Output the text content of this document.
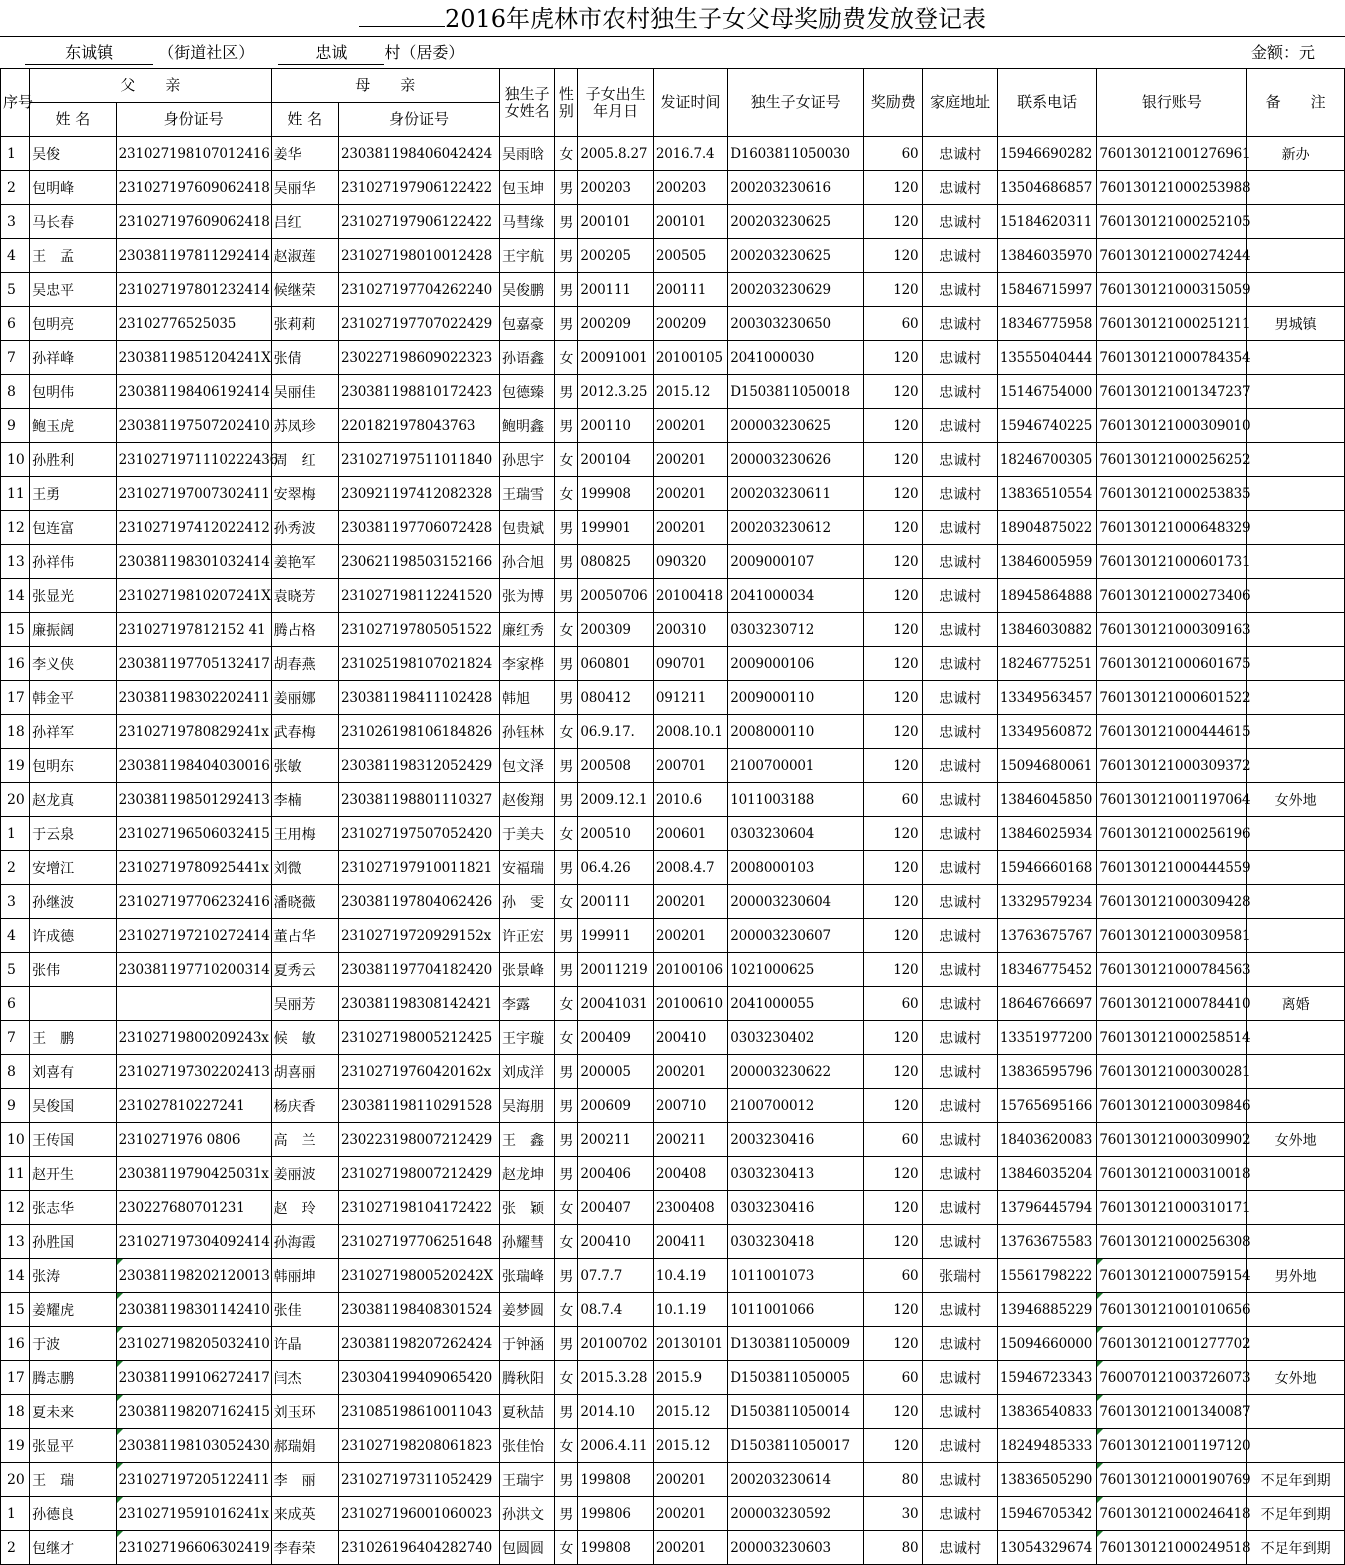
2016年虎林市农村独生子女父母奖励费发放登记表
东诚镇	（街道社区）	忠诚 村（居委）	金额：元
序号	父　　亲		母　　亲		独生子女姓名	性别	子女出生年月日	发证时间	独生子女证号	奖励费	家庭地址	联系电话	银行账号	备　　注
	姓 名	身份证号	姓 名	身份证号										
1	吴俊	231027198107012416	姜华	230381198406042424	吴雨晗	女	2005.8.27	2016.7.4	D1603811050030	60	忠诚村	15946690282	760130121001276961	新办
2	包明峰	231027197609062418	吴丽华	231027197906122422	包玉坤	男	200203	200203	200203230616	120	忠诚村	13504686857	760130121000253988	
3	马长春	231027197609062418	吕红	231027197906122422	马彗缘	男	200101	200101	200203230625	120	忠诚村	15184620311	760130121000252105	
4	王　孟	230381197811292414	赵淑莲	231027198010012428	王宇航	男	200205	200505	200203230625	120	忠诚村	13846035970	760130121000274244	
5	吴忠平	231027197801232414	候继荣	231027197704262240	吴俊鹏	男	200111	200111	200203230629	120	忠诚村	15846715997	760130121000315059	
6	包明亮	23102776525035	张莉莉	231027197707022429	包嘉豪	男	200209	200209	200303230650	60	忠诚村	18346775958	760130121000251211	男城镇
7	孙祥峰	23038119851204241X	张倩	230227198609022323	孙语鑫	女	20091001	20100105	2041000030	120	忠诚村	13555040444	760130121000784354	
8	包明伟	230381198406192414	吴丽佳	230381198810172423	包德臻	男	2012.3.25	2015.12	D1503811050018	120	忠诚村	15146754000	760130121001347237	
9	鲍玉虎	230381197507202410	苏凤珍	2201821978043763	鲍明鑫	男	200110	200201	200003230625	120	忠诚村	15946740225	760130121000309010	
10	孙胜利	2310271971110222436	周　红	231027197511011840	孙思宇	女	200104	200201	200003230626	120	忠诚村	18246700305	760130121000256252	
11	王勇	231027197007302411	安翠梅	230921197412082328	王瑞雪	女	199908	200201	200203230611	120	忠诚村	13836510554	760130121000253835	
12	包连富	231027197412022412	孙秀波	230381197706072428	包贵斌	男	199901	200201	200203230612	120	忠诚村	18904875022	760130121000648329	
13	孙祥伟	230381198301032414	姜艳军	230621198503152166	孙合旭	男	080825	090320	2009000107	120	忠诚村	13846005959	760130121000601731	
14	张显光	23102719810207241X	袁晓芳	231027198112241520	张为博	男	20050706	20100418	2041000034	120	忠诚村	18945864888	760130121000273406	
15	廉振阔	231027197812152 41	腾占格	231027197805051522	廉红秀	女	200309	200310	0303230712	120	忠诚村	13846030882	760130121000309163	
16	李义侠	230381197705132417	胡春燕	231025198107021824	李家桦	男	060801	090701	2009000106	120	忠诚村	18246775251	760130121000601675	
17	韩金平	230381198302202411	姜丽娜	230381198411102428	韩旭	男	080412	091211	2009000110	120	忠诚村	13349563457	760130121000601522	
18	孙祥军	23102719780829241x	武春梅	231026198106184826	孙钰林	女	06.9.17.	2008.10.1	2008000110	120	忠诚村	13349560872	760130121000444615	
19	包明东	230381198404030016	张敏	230381198312052429	包文泽	男	200508	200701	2100700001	120	忠诚村	15094680061	760130121000309372	
20	赵龙真	230381198501292413	李楠	230381198801110327	赵俊翔	男	2009.12.1	2010.6	1011003188	60	忠诚村	13846045850	760130121001197064	女外地
1	于云泉	231027196506032415	王用梅	231027197507052420	于美夫	女	200510	200601	0303230604	120	忠诚村	13846025934	760130121000256196	
2	安增江	23102719780925441x	刘微	231027197910011821	安福瑞	男	06.4.26	2008.4.7	2008000103	120	忠诚村	15946660168	760130121000444559	
3	孙继波	231027197706232416	潘晓薇	230381197804062426	孙　雯	女	200111	200201	200003230604	120	忠诚村	13329579234	760130121000309428	
4	许成德	231027197210272414	董占华	23102719720929152x	许正宏	男	199911	200201	200003230607	120	忠诚村	13763675767	760130121000309581	
5	张伟	230381197710200314	夏秀云	230381197704182420	张景峰	男	20011219	20100106	1021000625	120	忠诚村	18346775452	760130121000784563	
6			吴丽芳	230381198308142421	李露	女	20041031	20100610	2041000055	60	忠诚村	18646766697	760130121000784410	离婚
7	王　鹏	23102719800209243x	候　敏	231027198005212425	王宇璇	女	200409	200410	0303230402	120	忠诚村	13351977200	760130121000258514	
8	刘喜有	231027197302202413	胡喜丽	23102719760420162x	刘成洋	男	200005	200201	200003230622	120	忠诚村	13836595796	760130121000300281	
9	吴俊国	231027810227241	杨庆香	230381198110291528	吴海朋	男	200609	200710	2100700012	120	忠诚村	15765695166	760130121000309846	
10	王传国	2310271976 0806	高　兰	230223198007212429	王　鑫	男	200211	200211	2003230416	60	忠诚村	18403620083	760130121000309902	女外地
11	赵开生	23038119790425031x	姜丽波	231027198007212429	赵龙坤	男	200406	200408	0303230413	120	忠诚村	13846035204	760130121000310018	
12	张志华	230227680701231	赵　玲	231027198104172422	张　颖	女	200407	2300408	0303230416	120	忠诚村	13796445794	760130121000310171	
13	孙胜国	231027197304092414	孙海霞	231027197706251648	孙耀彗	女	200410	200411	0303230418	120	忠诚村	13763675583	760130121000256308	
14	张涛	230381198202120013	韩丽坤	23102719800520242X	张瑞峰	男	07.7.7	10.4.19	1011001073	60	张瑞村	15561798222	760130121000759154	男外地
15	姜耀虎	230381198301142410	张佳	230381198408301524	姜梦圆	女	08.7.4	10.1.19	1011001066	120	忠诚村	13946885229	760130121001010656	
16	于波	231027198205032410	许晶	230381198207262424	于钟涵	男	20100702	20130101	D1303811050009	120	忠诚村	15094660000	760130121001277702	
17	腾志鹏	230381199106272417	闫杰	230304199409065420	腾秋阳	女	2015.3.28	2015.9	D1503811050005	60	忠诚村	15946723343	760070121003726073	女外地
18	夏未来	230381198207162415	刘玉环	231085198610011043	夏秋喆	男	2014.10	2015.12	D1503811050014	120	忠诚村	13836540833	760130121001340087	
19	张显平	230381198103052430	郝瑞娟	231027198208061823	张佳怡	女	2006.4.11	2015.12	D1503811050017	120	忠诚村	18249485333	760130121001197120	
20	王　瑞	231027197205122411	李　丽	231027197311052429	王瑞宇	男	199808	200201	200203230614	80	忠诚村	13836505290	760130121000190769	不足年到期
1	孙德良	23102719591016241x	来成英	231027196001060023	孙洪文	男	199806	200201	200003230592	30	忠诚村	15946705342	760130121000246418	不足年到期
2	包继才	231027196606302419	李春荣	231026196404282740	包圆圆	女	199808	200201	200003230603	80	忠诚村	13054329674	760130121000249518	不足年到期
